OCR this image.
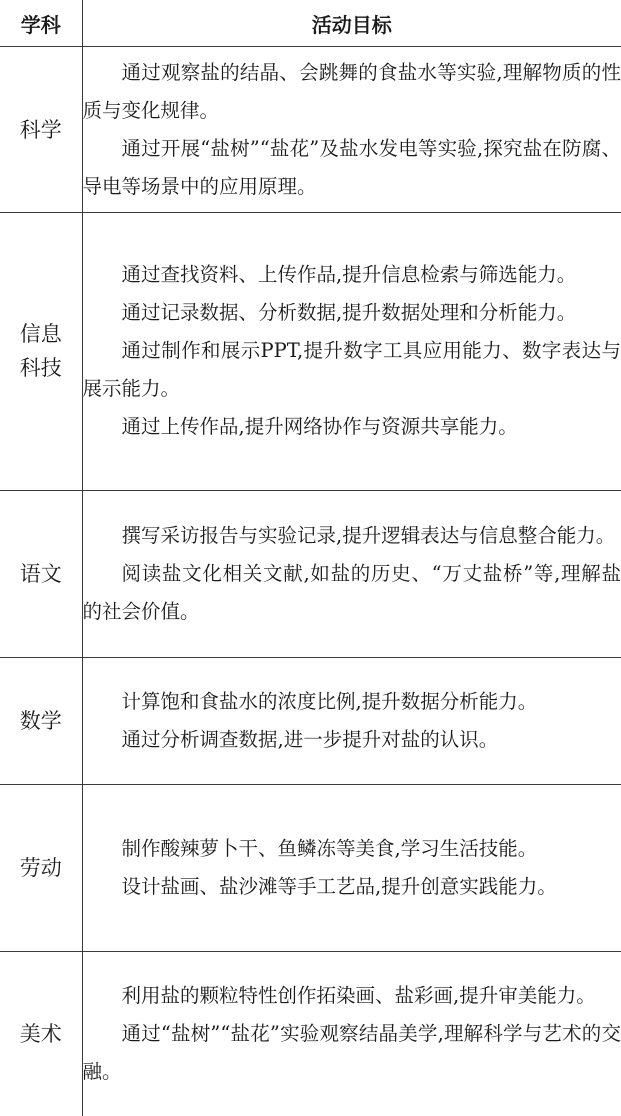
学科	活动目标
科学	通过观察盐的结晶、会跳舞的食盐水等实验,理解物质的性质与变化规律。

通过开展“盐树”“盐花”及盐水发电等实验,探究盐在防腐、导电等场景中的应用原理。

信息科技	通过查找资料、上传作品,提升信息检索与筛选能力。

通过记录数据、分析数据,提升数据处理和分析能力。

通过制作和展示PPT,提升数字工具应用能力、数字表达与展示能力。

通过上传作品,提升网络协作与资源共享能力。

语文	撰写采访报告与实验记录,提升逻辑表达与信息整合能力。

阅读盐文化相关文献,如盐的历史、“万丈盐桥”等,理解盐的社会价值。

数学	计算饱和食盐水的浓度比例,提升数据分析能力。

通过分析调查数据,进一步提升对盐的认识。

劳动	制作酸辣萝卜干、鱼鳞冻等美食,学习生活技能。

设计盐画、盐沙滩等手工艺品,提升创意实践能力。

美术	利用盐的颗粒特性创作拓染画、盐彩画,提升审美能力。

通过“盐树”“盐花”实验观察结晶美学,理解科学与艺术的交融。
